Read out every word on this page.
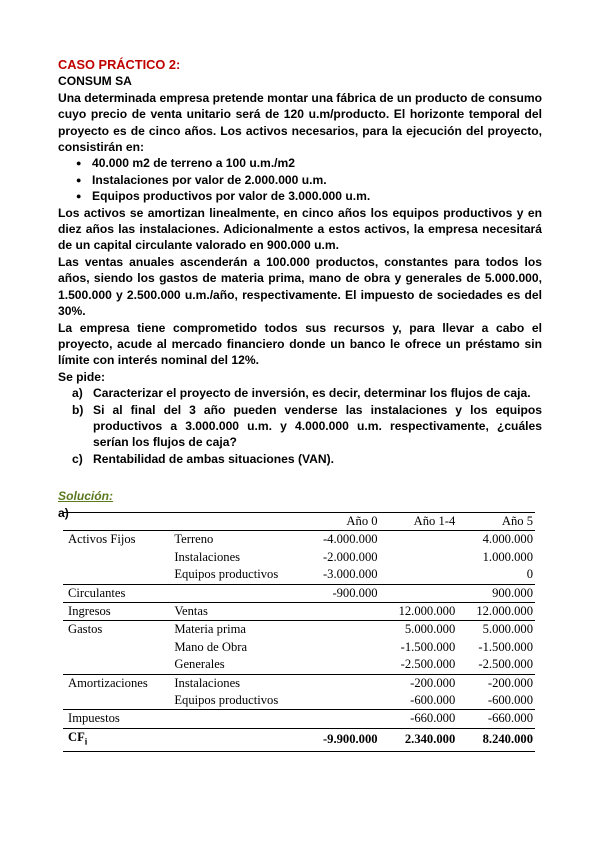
CASO PRÁCTICO 2:
CONSUM SA
Una determinada empresa pretende montar una fábrica de un producto de consumo cuyo precio de venta unitario será de 120 u.m/producto. El horizonte temporal del proyecto es de cinco años. Los activos necesarios, para la ejecución del proyecto, consistirán en:
● 40.000 m2 de terreno a 100 u.m./m2
● Instalaciones por valor de 2.000.000 u.m.
● Equipos productivos por valor de 3.000.000 u.m.
Los activos se amortizan linealmente, en cinco años los equipos productivos y en diez años las instalaciones. Adicionalmente a estos activos, la empresa necesitará de un capital circulante valorado en 900.000 u.m.
Las ventas anuales ascenderán a 100.000 productos, constantes para todos los años, siendo los gastos de materia prima, mano de obra y generales de 5.000.000, 1.500.000 y 2.500.000 u.m./año, respectivamente. El impuesto de sociedades es del 30%.
La empresa tiene comprometido todos sus recursos y, para llevar a cabo el proyecto, acude al mercado financiero donde un banco le ofrece un préstamo sin límite con interés nominal del 12%.
Se pide:
a) Caracterizar el proyecto de inversión, es decir, determinar los flujos de caja.
b) Si al final del 3 año pueden venderse las instalaciones y los equipos productivos a 3.000.000 u.m. y 4.000.000 u.m. respectivamente, ¿cuáles serían los flujos de caja?
c) Rentabilidad de ambas situaciones (VAN).
Solución:
a)
		Año 0	Año 1-4	Año 5
Activos Fijos	Terreno	-4.000.000		4.000.000
	Instalaciones	-2.000.000		1.000.000
	Equipos productivos	-3.000.000		0
Circulantes		-900.000		900.000
Ingresos	Ventas		12.000.000	12.000.000
Gastos	Materia prima		5.000.000	5.000.000
	Mano de Obra		-1.500.000	-1.500.000
	Generales		-2.500.000	-2.500.000
Amortizaciones	Instalaciones		-200.000	-200.000
	Equipos productivos		-600.000	-600.000
Impuestos			-660.000	-660.000
$CF_i$		-9.900.000	2.340.000	8.240.000
